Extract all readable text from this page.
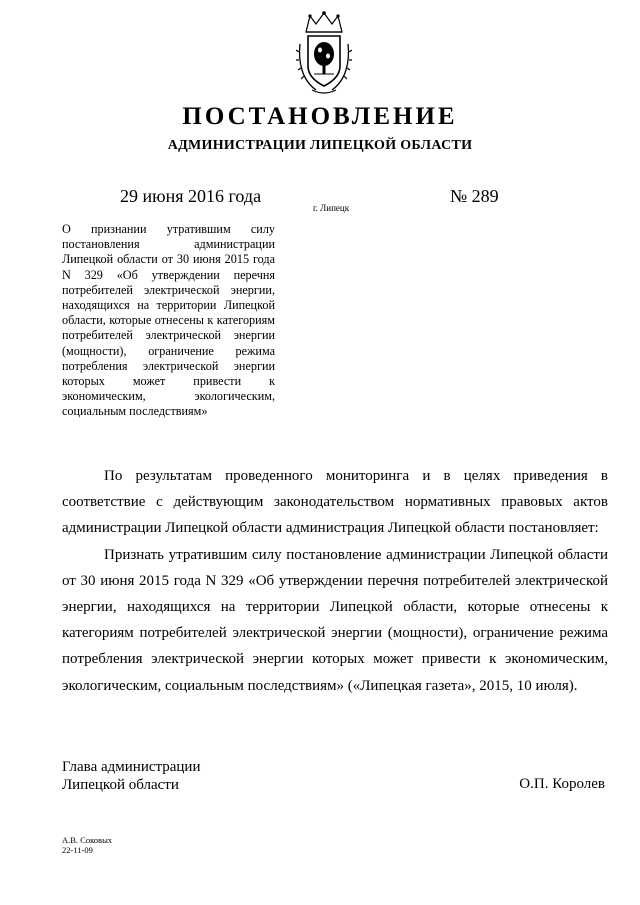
ПОСТАНОВЛЕНИЕ
АДМИНИСТРАЦИИ ЛИПЕЦКОЙ ОБЛАСТИ
29 июня 2016 года
г. Липецк
№ 289
О признании утратившим силу постановления администрации Липецкой области от 30 июня 2015 года N 329 «Об утверждении перечня потребителей электрической энергии, находящихся на территории Липецкой области, которые отнесены к категориям потребителей электрической энергии (мощности), ограничение режима потребления электрической энергии которых может привести к экономическим, экологическим, социальным последствиям»

По результатам проведенного мониторинга и в целях приведения в соответствие с действующим законодательством нормативных правовых актов администрации Липецкой области администрация Липецкой области постановляет:

Признать утратившим силу постановление администрации Липецкой области от 30 июня 2015 года N 329 «Об утверждении перечня потребителей электрической энергии, находящихся на территории Липецкой области, которые отнесены к категориям потребителей электрической энергии (мощности), ограничение режима потребления электрической энергии которых может привести к экономическим, экологическим, социальным последствиям» («Липецкая газета», 2015, 10 июля).

Глава администрации
Липецкой области	О.П. Королев
А.В. Соковых
22-11-09
